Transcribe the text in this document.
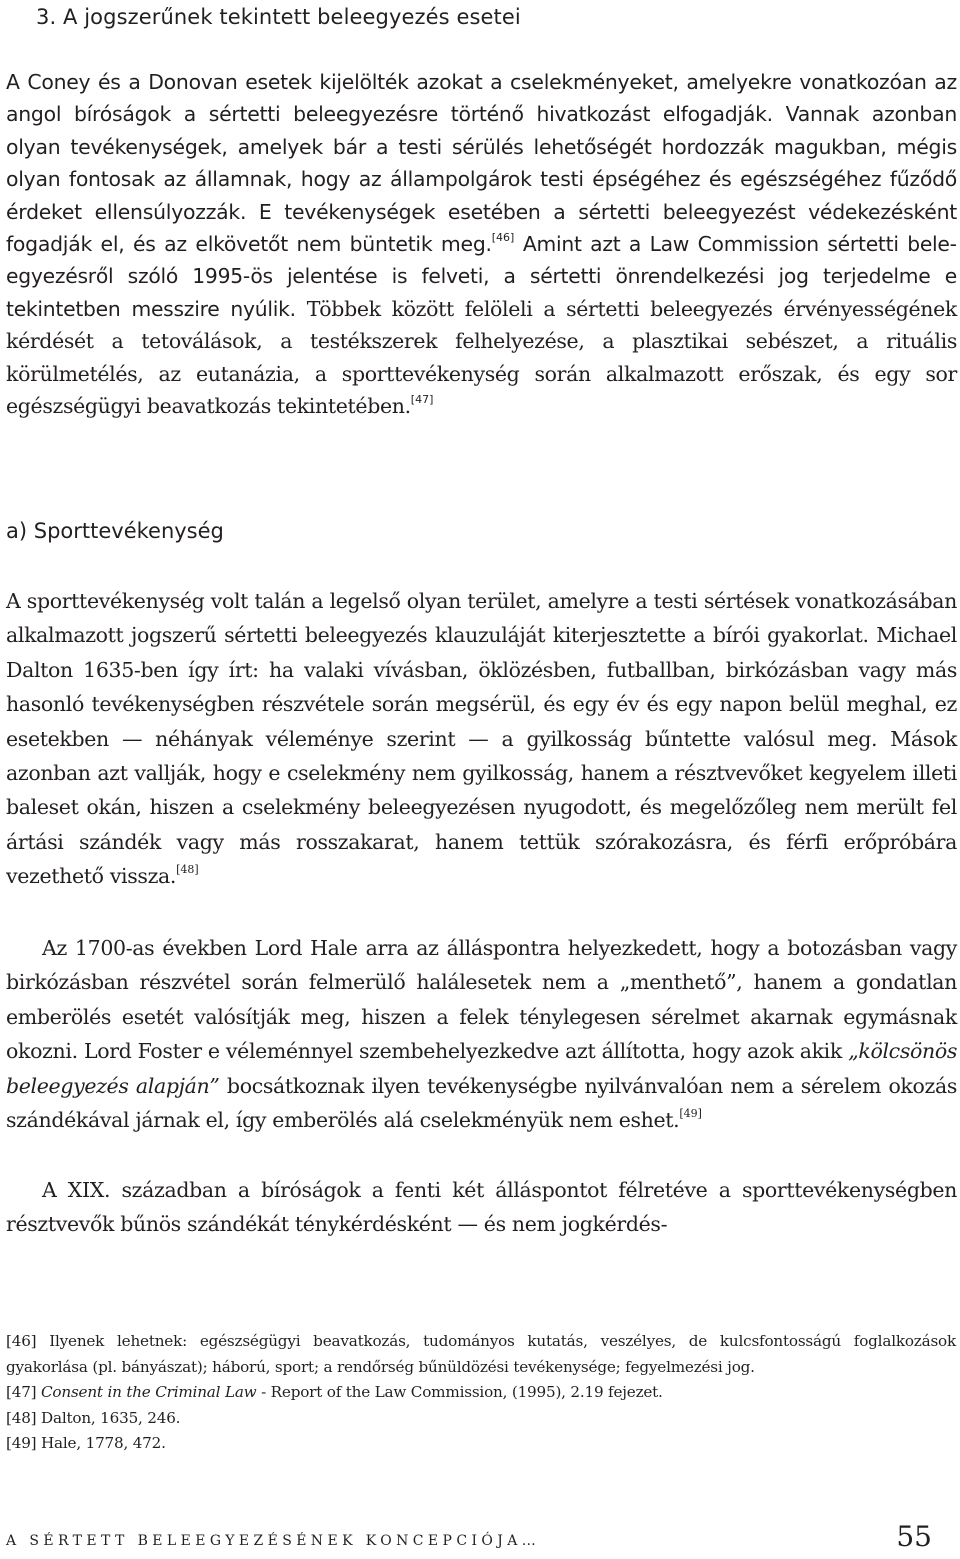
3. A jogszerűnek tekintett beleegyezés esetei

A Coney és a Donovan esetek kijelölték azokat a cselekményeket, amelyekre vonatkozóan az angol bíróságok a sértetti beleegyezésre történő hivatkozást elfogadják. Vannak azonban olyan tevékenységek, amelyek bár a testi sérülés lehetőségét hordozzák magukban, mégis olyan fontosak az államnak, hogy az állampolgárok testi épségéhez és egészségéhez fűződő érdeket ellensúlyozzák. E tevékenységek esetében a sértetti beleegyezést védekezésként fogadják el, és az elkövetőt nem büntetik meg.[46] Amint azt a Law Commission sértetti beleegyezésről szóló 1995-ös jelentése is felveti, a sértetti önrendelkezési jog terjedelme e tekintetben messzire nyúlik. Többek között felöleli a sértetti beleegyezés érvényességének kérdését a tetoválások, a testékszerek felhelyezése, a plasztikai sebészet, a rituális körülmetélés, az eutanázia, a sporttevékenység során alkalmazott erőszak, és egy sor egészségügyi beavatkozás tekintetében.[47]

a) Sporttevékenység

A sporttevékenység volt talán a legelső olyan terület, amelyre a testi sértések vonatkozásában alkalmazott jogszerű sértetti beleegyezés klauzuláját kiterjesztette a bírói gyakorlat. Michael Dalton 1635-ben így írt: ha valaki vívásban, öklözésben, futballban, birkózásban vagy más hasonló tevékenységben részvétele során megsérül, és egy év és egy napon belül meghal, ez esetekben — néhányak véleménye szerint — a gyilkosság bűntette valósul meg. Mások azonban azt vallják, hogy e cselekmény nem gyilkosság, hanem a résztvevőket kegyelem illeti baleset okán, hiszen a cselekmény beleegyezésen nyugodott, és megelőzőleg nem merült fel ártási szándék vagy más rosszakarat, hanem tettük szórakozásra, és férfi erőpróbára vezethető vissza.[48]

Az 1700-as években Lord Hale arra az álláspontra helyezkedett, hogy a botozásban vagy birkózásban részvétel során felmerülő halálesetek nem a „menthető”, hanem a gondatlan emberölés esetét valósítják meg, hiszen a felek ténylegesen sérelmet akarnak egymásnak okozni. Lord Foster e véleménnyel szembehelyezkedve azt állította, hogy azok akik „kölcsönös beleegyezés alapján” bocsátkoznak ilyen tevékenységbe nyilvánvalóan nem a sérelem okozás szándékával járnak el, így emberölés alá cselekményük nem eshet.[49]

A XIX. században a bíróságok a fenti két álláspontot félretéve a sporttevékenységben résztvevők bűnös szándékát ténykérdésként — és nem jogkérdés-

[46] Ilyenek lehetnek: egészségügyi beavatkozás, tudományos kutatás, veszélyes, de kulcsfontosságú foglalkozások gyakorlása (pl. bányászat); háború, sport; a rendőrség bűnüldözési tevékenysége; fegyelmezési jog.
[47] Consent in the Criminal Law - Report of the Law Commission, (1995), 2.19 fejezet.
[48] Dalton, 1635, 246.
[49] Hale, 1778, 472.
A SÉRTETT BELEEGYEZÉSÉNEK KONCEPCIÓJA…	55
